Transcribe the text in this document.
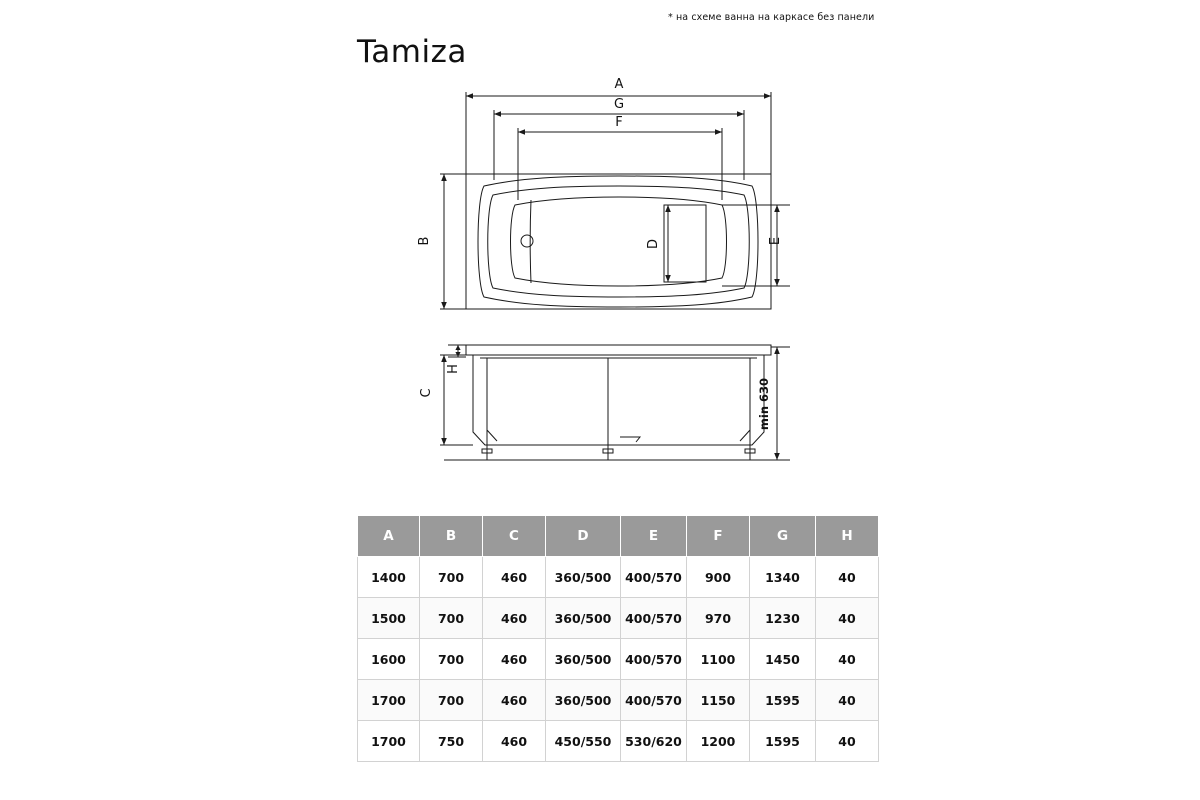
* на схеме ванна на каркасе без панели
Tamiza
A
G
F
B	E
D
C
H
min 630
A	B	C	D	E	F	G	H
1400	700	460	360/500	400/570	900	1340	40
1500	700	460	360/500	400/570	970	1230	40
1600	700	460	360/500	400/570	1100	1450	40
1700	700	460	360/500	400/570	1150	1595	40
1700	750	460	450/550	530/620	1200	1595	40
